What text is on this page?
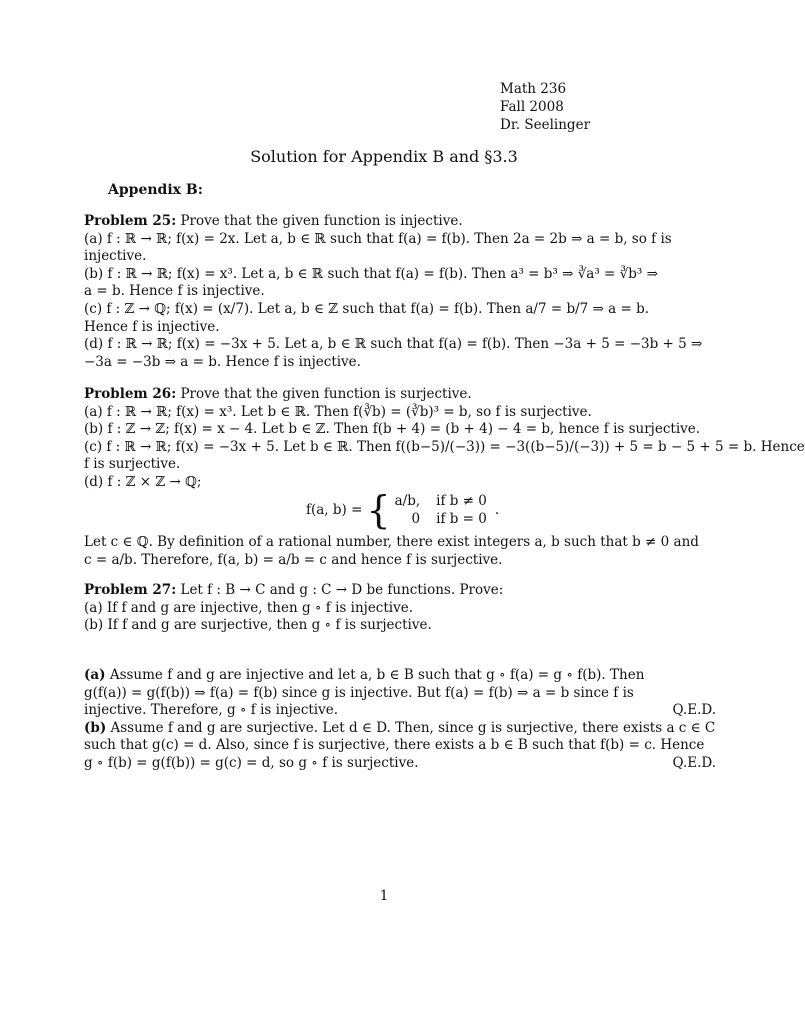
Math 236
Fall 2008
Dr. Seelinger
Solution for Appendix B and §3.3
Appendix B:
Problem 25: Prove that the given function is injective.
(a) f : ℝ → ℝ; f(x) = 2x. Let a, b ∈ ℝ such that f(a) = f(b). Then 2a = 2b ⇒ a = b, so f is
injective.
(b) f : ℝ → ℝ; f(x) = x³. Let a, b ∈ ℝ such that f(a) = f(b). Then a³ = b³ ⇒ ∛a³ = ∛b³ ⇒
a = b. Hence f is injective.
(c) f : ℤ → ℚ; f(x) = (x/7). Let a, b ∈ ℤ such that f(a) = f(b). Then a/7 = b/7 ⇒ a = b.
Hence f is injective.
(d) f : ℝ → ℝ; f(x) = −3x + 5. Let a, b ∈ ℝ such that f(a) = f(b). Then −3a + 5 = −3b + 5 ⇒
−3a = −3b ⇒ a = b. Hence f is injective.
Problem 26: Prove that the given function is surjective.
(a) f : ℝ → ℝ; f(x) = x³. Let b ∈ ℝ. Then f(∛b) = (∛b)³ = b, so f is surjective.
(b) f : ℤ → ℤ; f(x) = x − 4. Let b ∈ ℤ. Then f(b + 4) = (b + 4) − 4 = b, hence f is surjective.
(c) f : ℝ → ℝ; f(x) = −3x + 5. Let b ∈ ℝ. Then f((b−5)/(−3)) = −3((b−5)/(−3)) + 5 = b − 5 + 5 = b. Hence
f is surjective.
(d) f : ℤ × ℤ → ℚ;
f(a, b) = { a/b, if b ≠ 0
0 if b = 0
.
Let c ∈ ℚ. By definition of a rational number, there exist integers a, b such that b ≠ 0 and
c = a/b. Therefore, f(a, b) = a/b = c and hence f is surjective.
Problem 27: Let f : B → C and g : C → D be functions. Prove:
(a) If f and g are injective, then g ∘ f is injective.
(b) If f and g are surjective, then g ∘ f is surjective.
(a) Assume f and g are injective and let a, b ∈ B such that g ∘ f(a) = g ∘ f(b). Then
g(f(a)) = g(f(b)) ⇒ f(a) = f(b) since g is injective. But f(a) = f(b) ⇒ a = b since f is
injective. Therefore, g ∘ f is injective.	Q.E.D.
(b) Assume f and g are surjective. Let d ∈ D. Then, since g is surjective, there exists a c ∈ C
such that g(c) = d. Also, since f is surjective, there exists a b ∈ B such that f(b) = c. Hence
g ∘ f(b) = g(f(b)) = g(c) = d, so g ∘ f is surjective.	Q.E.D.
1
